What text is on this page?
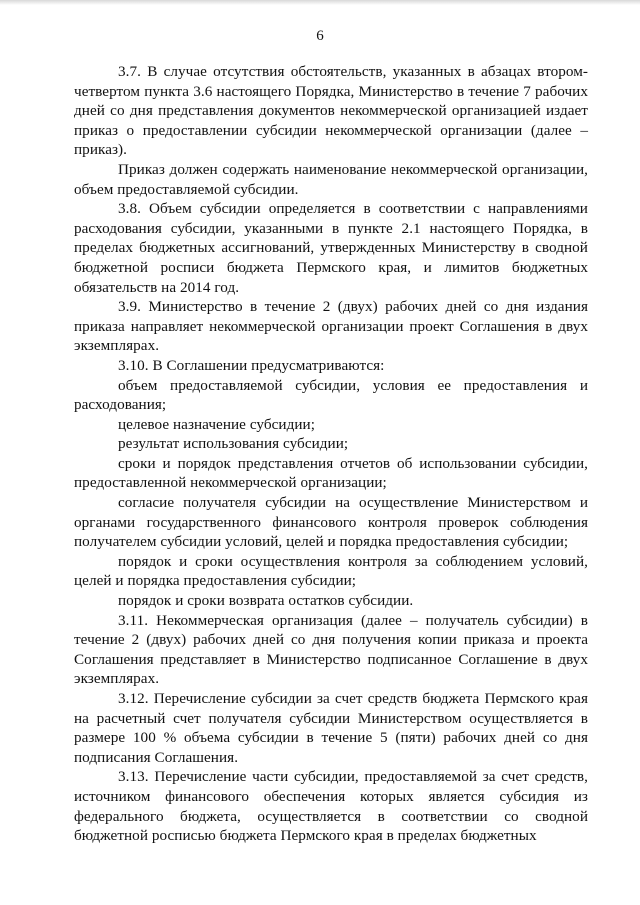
6

3.7. В случае отсутствия обстоятельств, указанных в абзацах втором-четвертом пункта 3.6 настоящего Порядка, Министерство в течение 7 рабочих дней со дня представления документов некоммерческой организацией издает приказ о предоставлении субсидии некоммерческой организации (далее – приказ).

Приказ должен содержать наименование некоммерческой организации, объем предоставляемой субсидии.

3.8. Объем субсидии определяется в соответствии с направлениями расходования субсидии, указанными в пункте 2.1 настоящего Порядка, в пределах бюджетных ассигнований, утвержденных Министерству в сводной бюджетной росписи бюджета Пермского края, и лимитов бюджетных обязательств на 2014 год.

3.9. Министерство в течение 2 (двух) рабочих дней со дня издания приказа направляет некоммерческой организации проект Соглашения в двух экземплярах.

3.10. В Соглашении предусматриваются:

объем предоставляемой субсидии, условия ее предоставления и расходования;

целевое назначение субсидии;

результат использования субсидии;

сроки и порядок представления отчетов об использовании субсидии, предоставленной некоммерческой организации;

согласие получателя субсидии на осуществление Министерством и органами государственного финансового контроля проверок соблюдения получателем субсидии условий, целей и порядка предоставления субсидии;

порядок и сроки осуществления контроля за соблюдением условий, целей и порядка предоставления субсидии;

порядок и сроки возврата остатков субсидии.

3.11. Некоммерческая организация (далее – получатель субсидии) в течение 2 (двух) рабочих дней со дня получения копии приказа и проекта Соглашения представляет в Министерство подписанное Соглашение в двух экземплярах.

3.12. Перечисление субсидии за счет средств бюджета Пермского края на расчетный счет получателя субсидии Министерством осуществляется в размере 100 % объема субсидии в течение 5 (пяти) рабочих дней со дня подписания Соглашения.

3.13. Перечисление части субсидии, предоставляемой за счет средств, источником финансового обеспечения которых является субсидия из федерального бюджета, осуществляется в соответствии со сводной бюджетной росписью бюджета Пермского края в пределах бюджетных
